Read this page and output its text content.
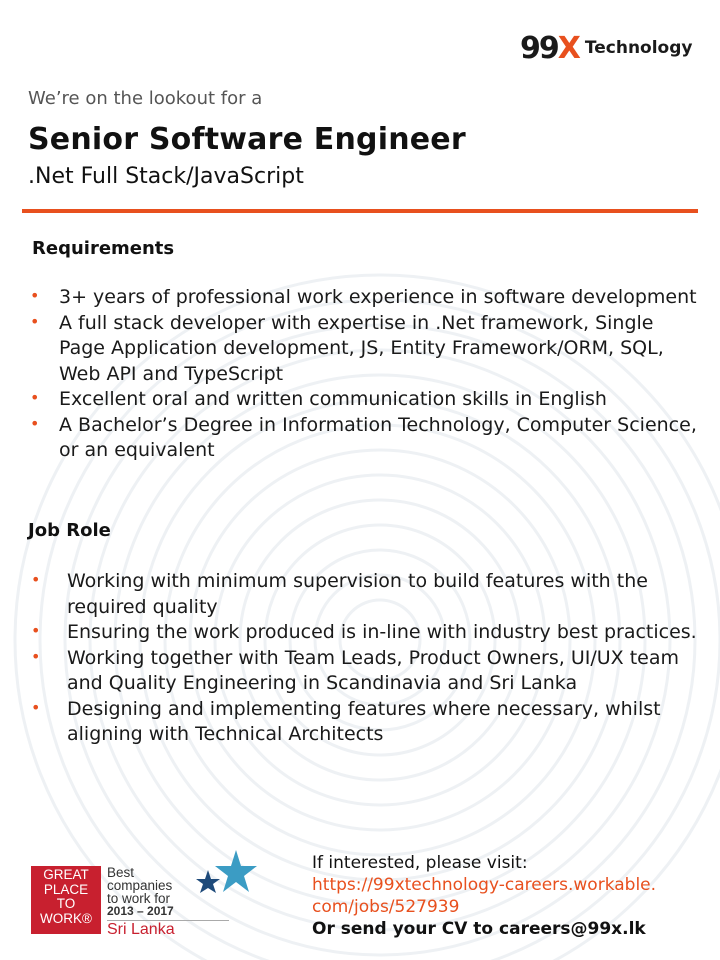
99 X Technology
We’re on the lookout for a
Senior Software Engineer
.Net Full Stack/JavaScript
Requirements
• 3+ years of professional work experience in software development
• A full stack developer with expertise in .Net framework, Single Page Application development, JS, Entity Framework/ORM, SQL, Web API and TypeScript
• Excellent oral and written communication skills in English
• A Bachelor’s Degree in Information Technology, Computer Science, or an equivalent
Job Role
• Working with minimum supervision to build features with the required quality
• Ensuring the work produced is in-line with industry best practices.
• Working together with Team Leads, Product Owners, UI/UX team and Quality Engineering in Scandinavia and Sri Lanka
• Designing and implementing features where necessary, whilst aligning with Technical Architects
GREAT
PLACE
TO
WORK®
Best
companies
to work for
2013 – 2017
Sri Lanka
If interested, please visit:
https://99xtechnology-careers.workable.
com/jobs/527939
Or send your CV to careers@99x.lk
